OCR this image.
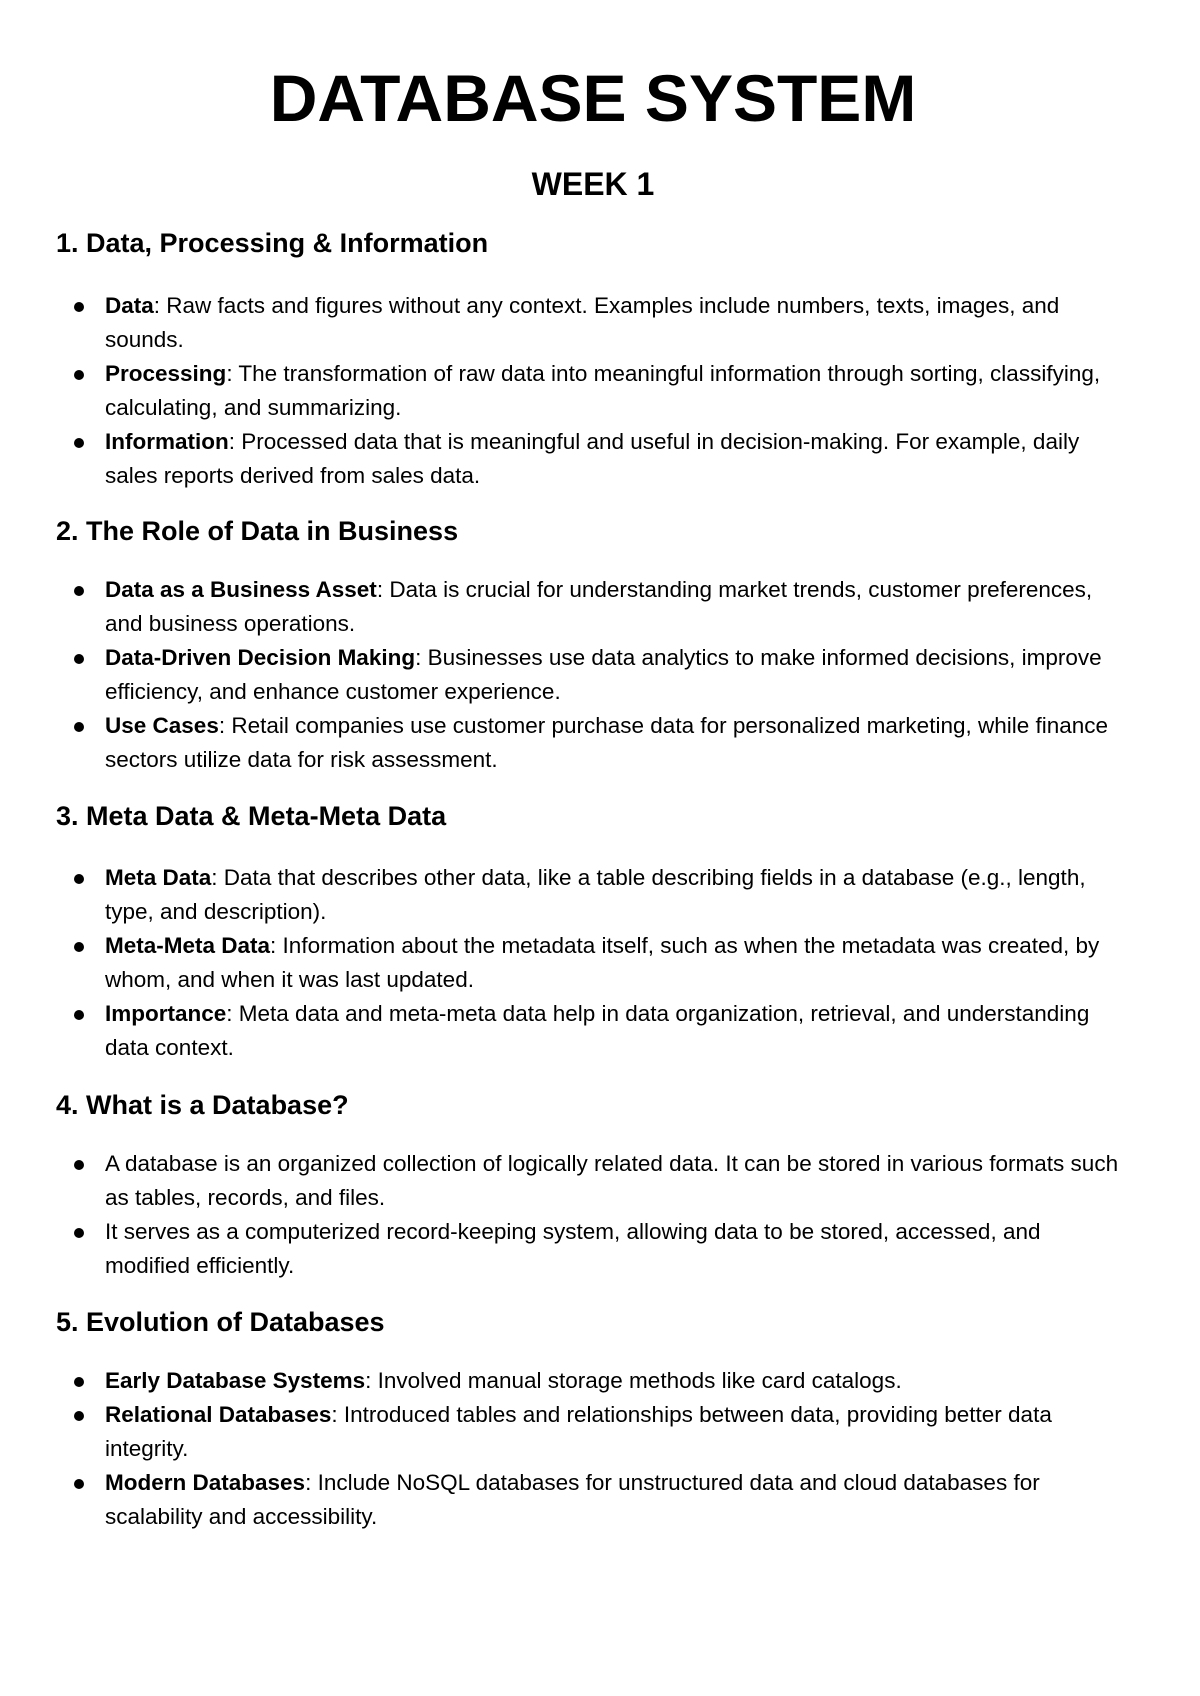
DATABASE SYSTEM
WEEK 1
1. Data, Processing & Information
Data: Raw facts and figures without any context. Examples include numbers, texts, images, and sounds.
Processing: The transformation of raw data into meaningful information through sorting, classifying, calculating, and summarizing.
Information: Processed data that is meaningful and useful in decision-making. For example, daily sales reports derived from sales data.
2. The Role of Data in Business
Data as a Business Asset: Data is crucial for understanding market trends, customer preferences, and business operations.
Data-Driven Decision Making: Businesses use data analytics to make informed decisions, improve efficiency, and enhance customer experience.
Use Cases: Retail companies use customer purchase data for personalized marketing, while finance sectors utilize data for risk assessment.
3. Meta Data & Meta-Meta Data
Meta Data: Data that describes other data, like a table describing fields in a database (e.g., length, type, and description).
Meta-Meta Data: Information about the metadata itself, such as when the metadata was created, by whom, and when it was last updated.
Importance: Meta data and meta-meta data help in data organization, retrieval, and understanding data context.
4. What is a Database?
A database is an organized collection of logically related data. It can be stored in various formats such as tables, records, and files.
It serves as a computerized record-keeping system, allowing data to be stored, accessed, and modified efficiently.
5. Evolution of Databases
Early Database Systems: Involved manual storage methods like card catalogs.
Relational Databases: Introduced tables and relationships between data, providing better data integrity.
Modern Databases: Include NoSQL databases for unstructured data and cloud databases for scalability and accessibility.
